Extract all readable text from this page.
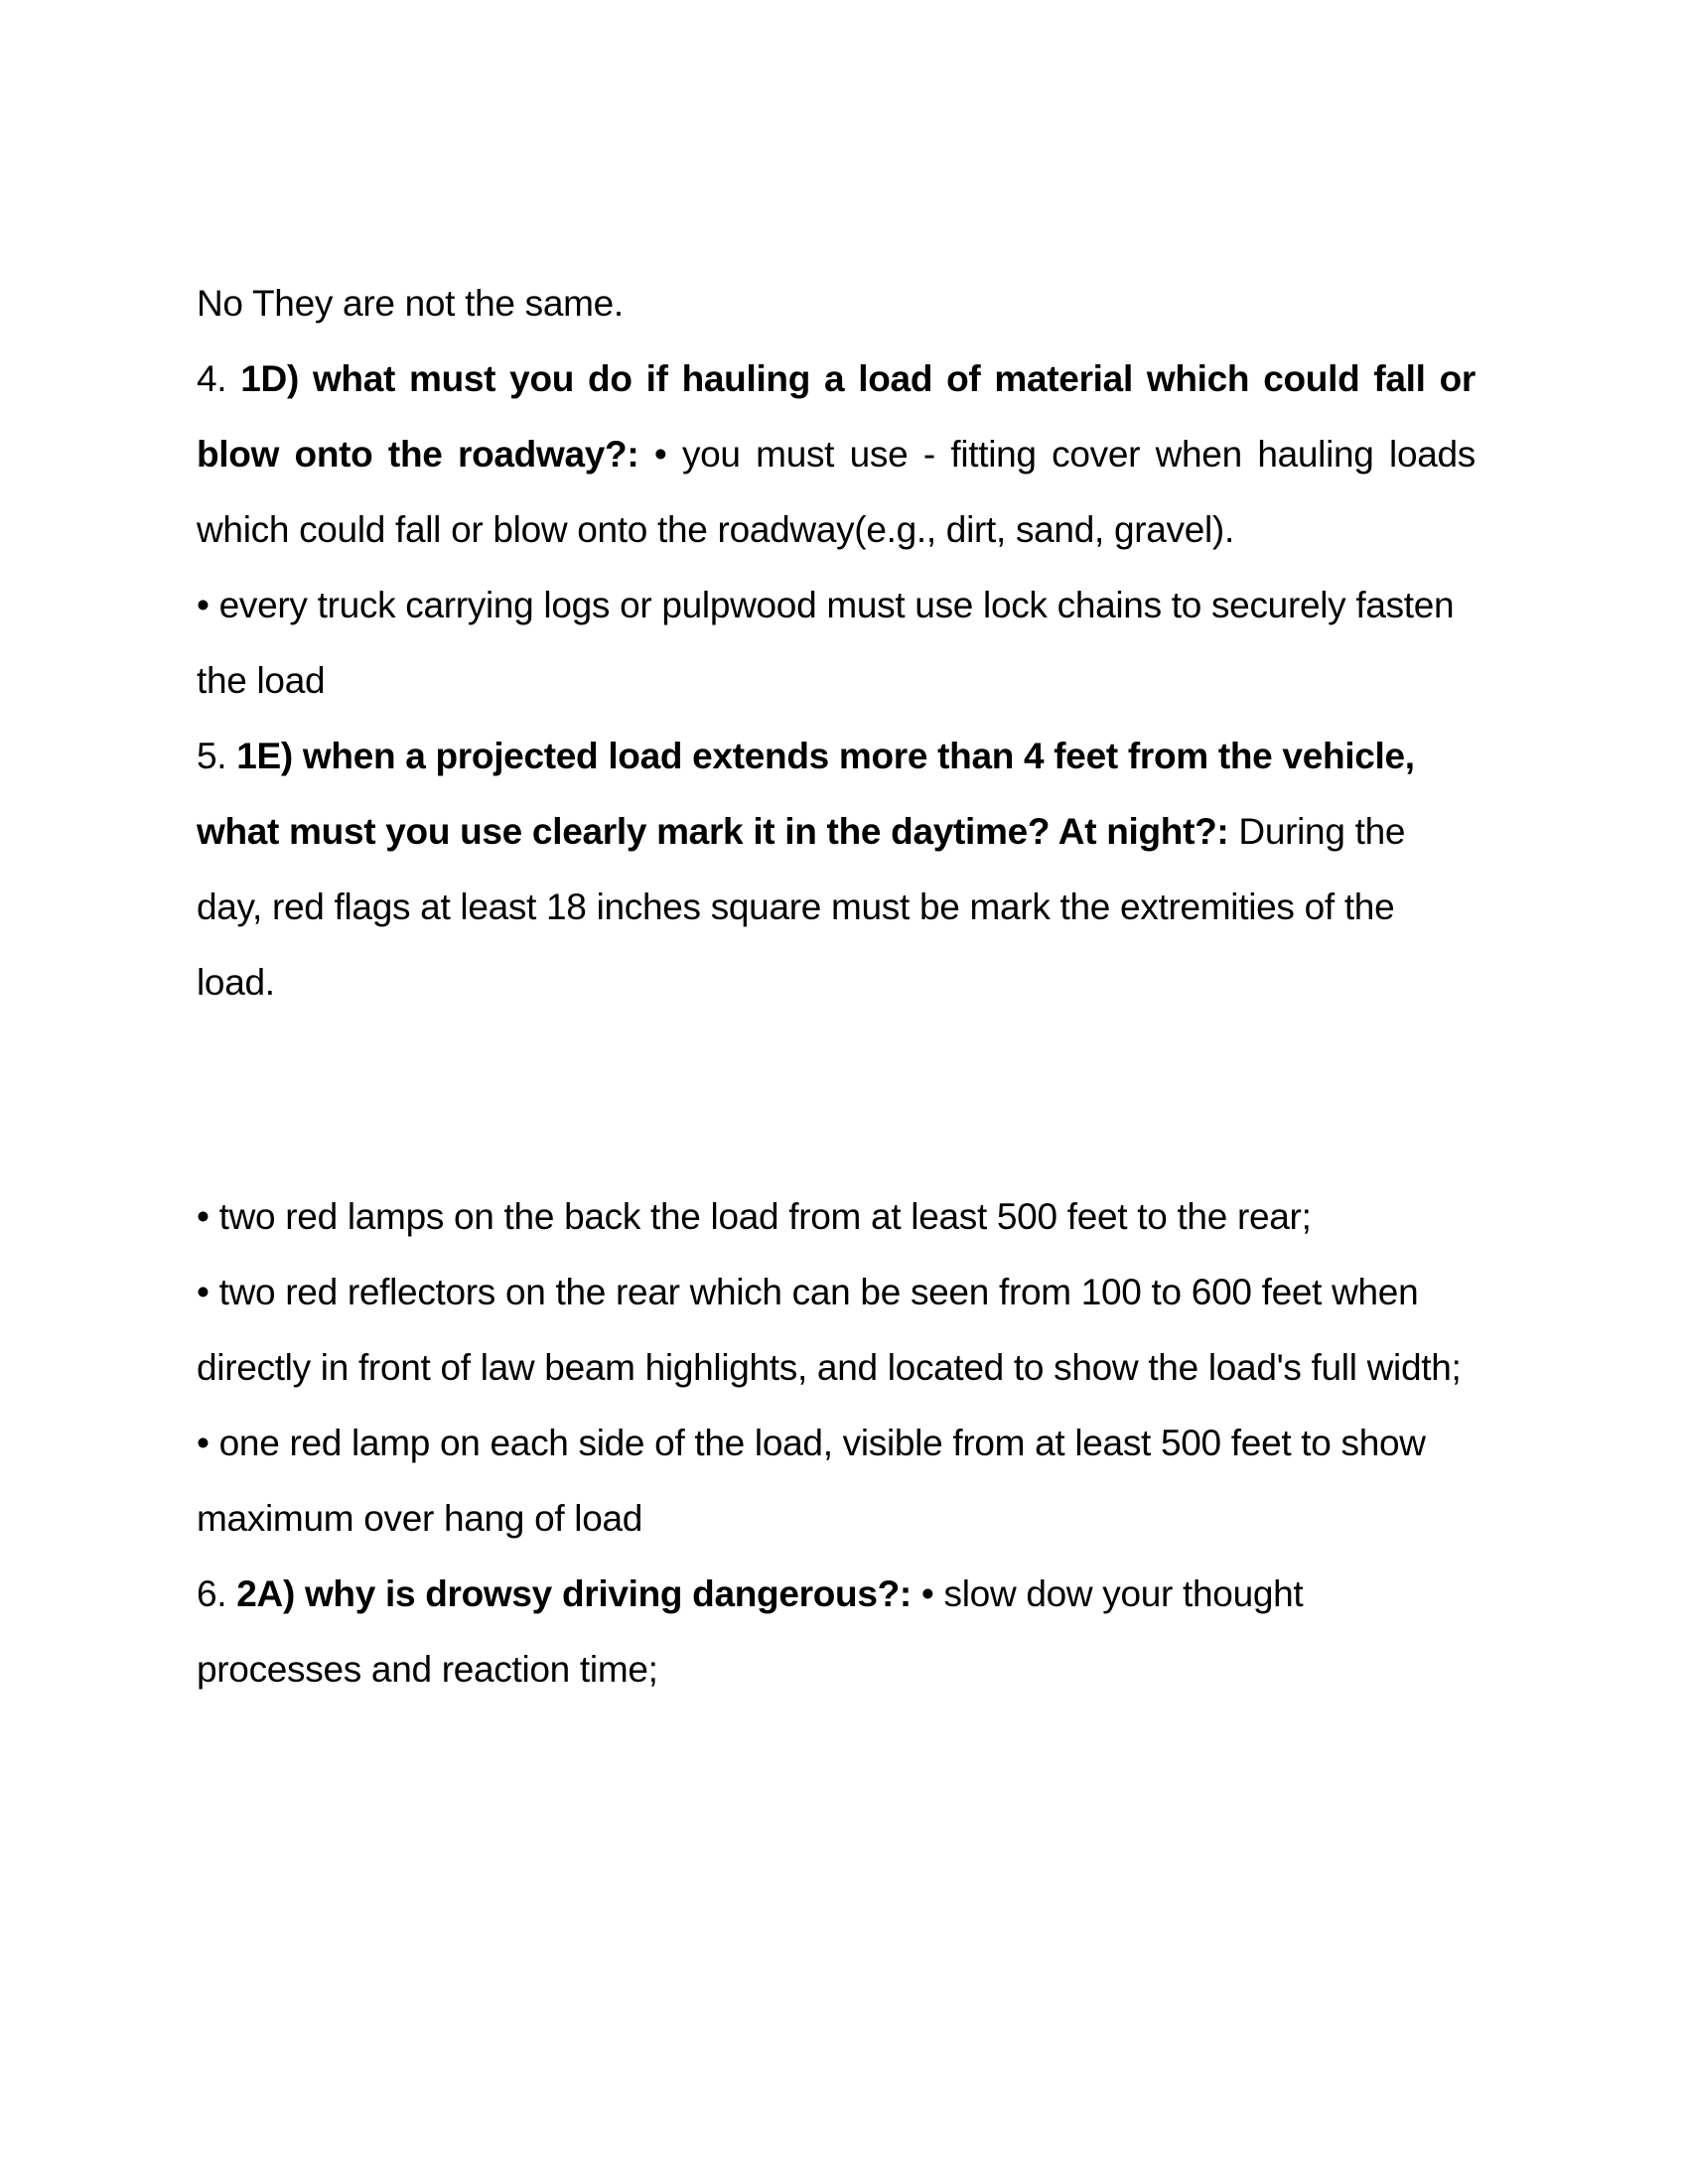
No They are not the same.

4. 1D) what must you do if hauling a load of material which could fall or blow onto the roadway?: • you must use - fitting cover when hauling loads which could fall or blow onto the roadway(e.g., dirt, sand, gravel).

• every truck carrying logs or pulpwood must use lock chains to securely fasten the load

5. 1E) when a projected load extends more than 4 feet from the vehicle, what must you use clearly mark it in the daytime? At night?: During the day, red flags at least 18 inches square must be mark the extremities of the load.

• two red lamps on the back the load from at least 500 feet to the rear;

• two red reflectors on the rear which can be seen from 100 to 600 feet when directly in front of law beam highlights, and located to show the load's full width;

• one red lamp on each side of the load, visible from at least 500 feet to show maximum over hang of load

6. 2A) why is drowsy driving dangerous?: • slow dow your thought processes and reaction time;
